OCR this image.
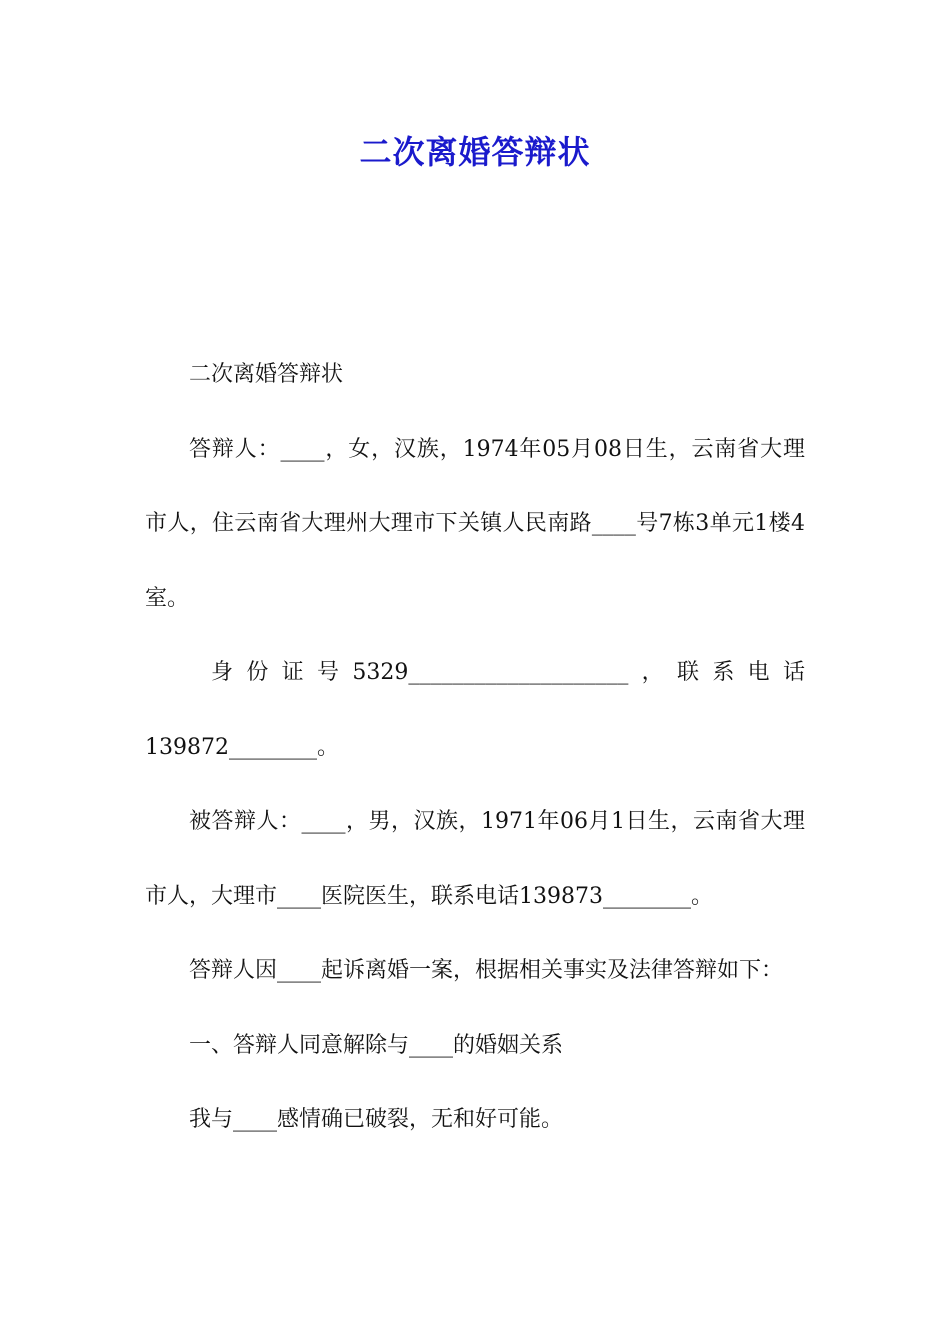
二次离婚答辩状

二次离婚答辩状

答辩人：____，女，汉族，1974年05月08日生，云南省大理市人，住云南省大理州大理市下关镇人民南路____号7栋3单元1楼4室。

身份证号5329____________________，联系电话

139872________。

被答辩人：____，男，汉族，1971年06月1日生，云南省大理市人，大理市____医院医生，联系电话139873________。

答辩人因____起诉离婚一案，根据相关事实及法律答辩如下：

一、答辩人同意解除与____的婚姻关系

我与____感情确已破裂，无和好可能。
